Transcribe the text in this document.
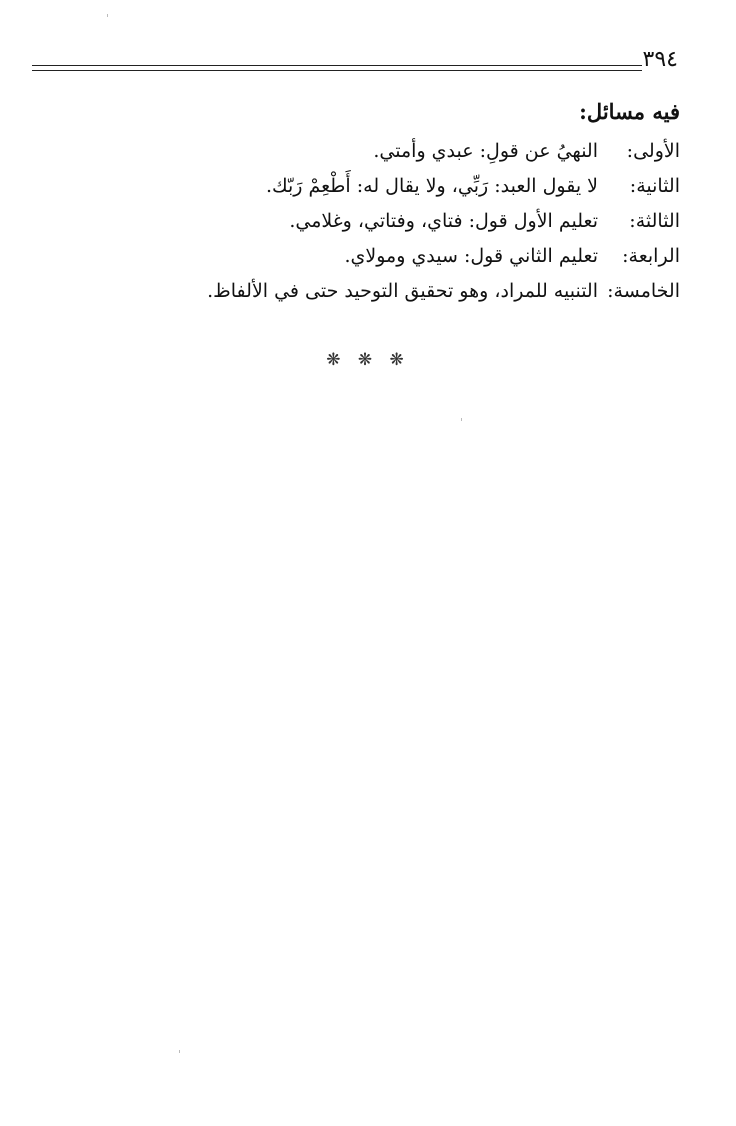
٣٩٤
فيه مسائل:
الأولى:
النهيُ عن قولِ: عبدي وأمتي.
الثانية:
لا يقول العبد: رَبِّي، ولا يقال له: أَطْعِمْ رَبّك.
الثالثة:
تعليم الأول قول: فتاي، وفتاتي، وغلامي.
الرابعة:
تعليم الثاني قول: سيدي ومولاي.
الخامسة:
التنبيه للمراد، وهو تحقيق التوحيد حتى في الألفاظ.
❋ ❋ ❋
